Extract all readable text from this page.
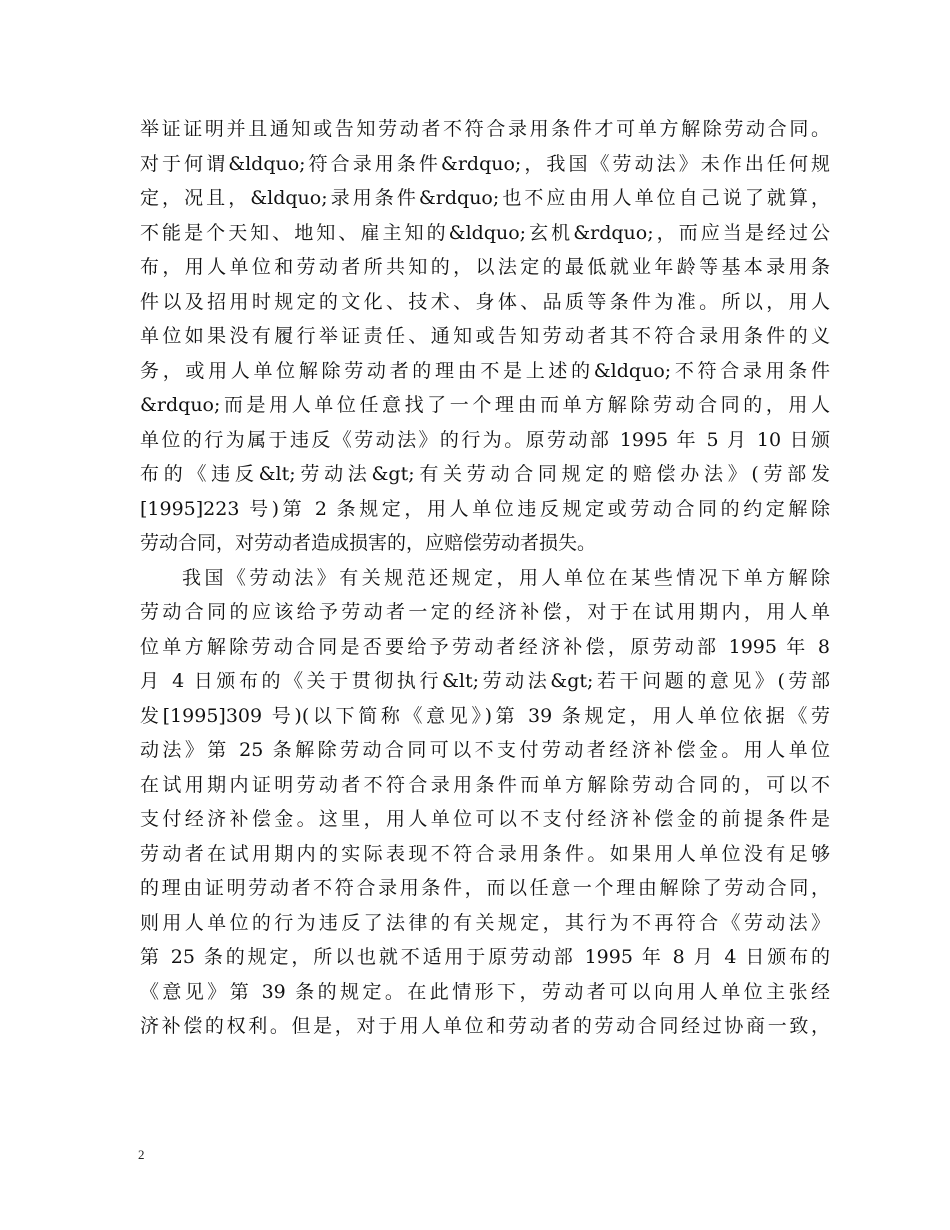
举证证明并且通知或告知劳动者不符合录用条件才可单方解除劳动合同。
对于何谓&ldquo;符合录用条件&rdquo;，我国《劳动法》未作出任何规
定，况且，&ldquo;录用条件&rdquo;也不应由用人单位自己说了就算，
不能是个天知、地知、雇主知的&ldquo;玄机&rdquo;，而应当是经过公
布，用人单位和劳动者所共知的，以法定的最低就业年龄等基本录用条
件以及招用时规定的文化、技术、身体、品质等条件为准。所以，用人
单位如果没有履行举证责任、通知或告知劳动者其不符合录用条件的义
务，或用人单位解除劳动者的理由不是上述的&ldquo;不符合录用条件
&rdquo;而是用人单位任意找了一个理由而单方解除劳动合同的，用人
单位的行为属于违反《劳动法》的行为。原劳动部 1995 年 5 月 10 日颁
布的《违反&lt;劳动法&gt;有关劳动合同规定的赔偿办法》(劳部发
[1995]223 号)第 2 条规定，用人单位违反规定或劳动合同的约定解除
劳动合同，对劳动者造成损害的，应赔偿劳动者损失。
我国《劳动法》有关规范还规定，用人单位在某些情况下单方解除
劳动合同的应该给予劳动者一定的经济补偿，对于在试用期内，用人单
位单方解除劳动合同是否要给予劳动者经济补偿，原劳动部 1995 年 8
月 4 日颁布的《关于贯彻执行&lt;劳动法&gt;若干问题的意见》(劳部
发[1995]309 号)(以下简称《意见》)第 39 条规定，用人单位依据《劳
动法》第 25 条解除劳动合同可以不支付劳动者经济补偿金。用人单位
在试用期内证明劳动者不符合录用条件而单方解除劳动合同的，可以不
支付经济补偿金。这里，用人单位可以不支付经济补偿金的前提条件是
劳动者在试用期内的实际表现不符合录用条件。如果用人单位没有足够
的理由证明劳动者不符合录用条件，而以任意一个理由解除了劳动合同，
则用人单位的行为违反了法律的有关规定，其行为不再符合《劳动法》
第 25 条的规定，所以也就不适用于原劳动部 1995 年 8 月 4 日颁布的
《意见》第 39 条的规定。在此情形下，劳动者可以向用人单位主张经
济补偿的权利。但是，对于用人单位和劳动者的劳动合同经过协商一致，
2
